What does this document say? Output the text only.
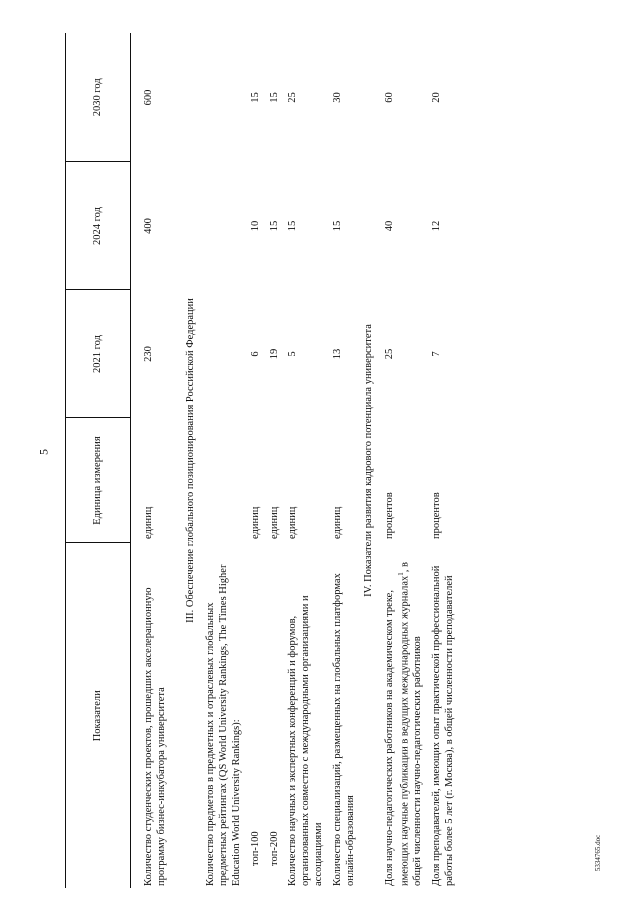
5
5334765.doc
Показатели	Единица измерения	2021 год	2024 год	2030 год
Количество студенческих проектов, прошедших акселерационную программу бизнес-инкубатора университета	единиц	230	400	600
III. Обеспечение глобального позиционирования Российской Федерации				
Количество предметов в предметных и отраслевых глобальных предметных рейтингах (QS World University Rankings, The Times Higher Education World University Rankings):				

топ-100	единиц	6	10	15

топ-200	единиц	19	15	15
Количество научных и экспертных конференций и форумов, организованных совместно с международными организациями и ассоциациями	единиц	5	15	25
Количество специализаций, размещенных на глобальных платформах онлайн-образования	единиц	13	15	30
IV. Показатели развития кадрового потенциала университета				
Доля научно-педагогических работников на академическом треке, имеющих научные публикации в ведущих международных журналах$^1$, в общей численности научно-педагогических работников	процентов	25	40	60
Доля преподавателей, имеющих опыт практической профессиональной работы более 5 лет (г. Москва), в общей численности преподавателей	процентов	7	12	20
